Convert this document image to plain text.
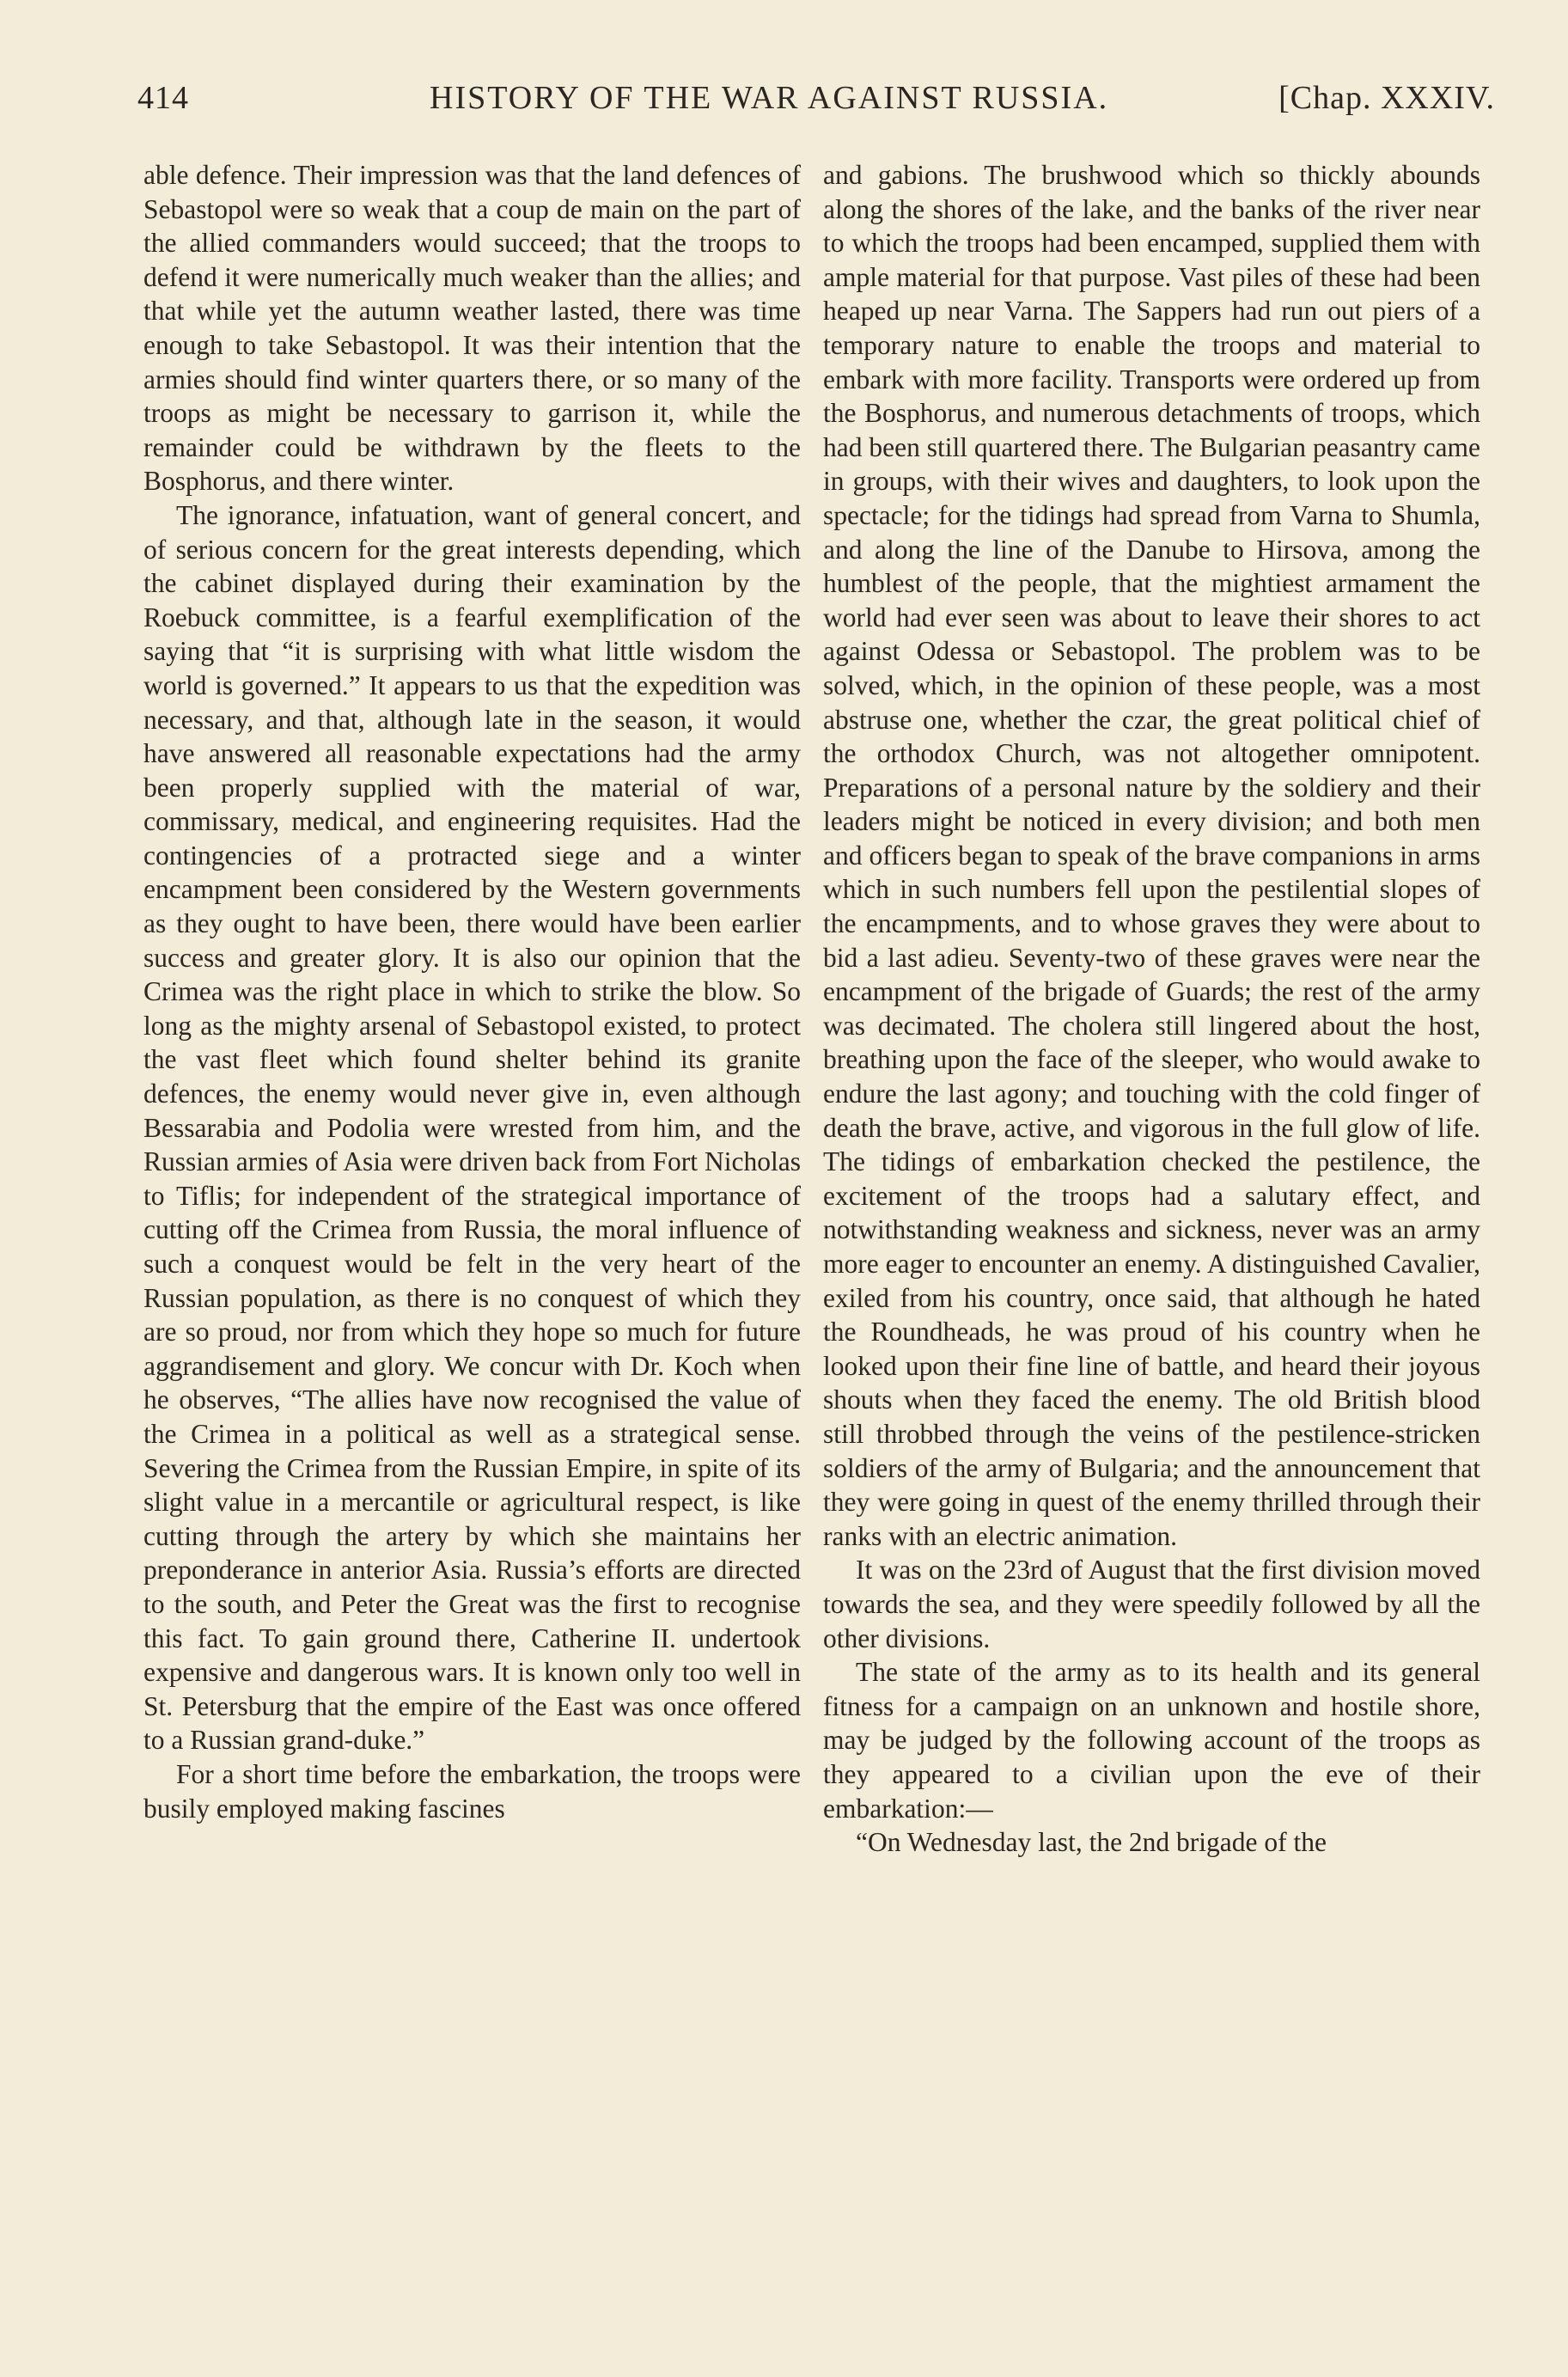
414	HISTORY OF THE WAR AGAINST RUSSIA.	[Chap. XXXIV.

able defence. Their impression was that the land defences of Sebastopol were so weak that a coup de main on the part of the allied commanders would succeed; that the troops to defend it were numerically much weaker than the allies; and that while yet the autumn weather lasted, there was time enough to take Sebastopol. It was their intention that the armies should find winter quarters there, or so many of the troops as might be necessary to garrison it, while the remainder could be withdrawn by the fleets to the Bosphorus, and there winter.

The ignorance, infatuation, want of general concert, and of serious concern for the great interests depending, which the cabinet displayed during their examination by the Roebuck committee, is a fearful exemplification of the saying that “it is surprising with what little wisdom the world is governed.” It appears to us that the expedition was necessary, and that, although late in the season, it would have answered all reasonable expectations had the army been properly supplied with the material of war, commissary, medical, and engineering requisites. Had the contingencies of a protracted siege and a winter encampment been considered by the Western governments as they ought to have been, there would have been earlier success and greater glory. It is also our opinion that the Crimea was the right place in which to strike the blow. So long as the mighty arsenal of Sebastopol existed, to protect the vast fleet which found shelter behind its granite defences, the enemy would never give in, even although Bessarabia and Podolia were wrested from him, and the Russian armies of Asia were driven back from Fort Nicholas to Tiflis; for independent of the strategical importance of cutting off the Crimea from Russia, the moral influence of such a conquest would be felt in the very heart of the Russian population, as there is no conquest of which they are so proud, nor from which they hope so much for future aggrandisement and glory. We concur with Dr. Koch when he observes, “The allies have now recognised the value of the Crimea in a political as well as a strategical sense. Severing the Crimea from the Russian Empire, in spite of its slight value in a mercantile or agricultural respect, is like cutting through the artery by which she maintains her preponderance in anterior Asia. Russia’s efforts are directed to the south, and Peter the Great was the first to recognise this fact. To gain ground there, Catherine II. undertook expensive and dangerous wars. It is known only too well in St. Petersburg that the empire of the East was once offered to a Russian grand-duke.”

For a short time before the embarkation, the troops were busily employed making fascines

and gabions. The brushwood which so thickly abounds along the shores of the lake, and the banks of the river near to which the troops had been encamped, supplied them with ample material for that purpose. Vast piles of these had been heaped up near Varna. The Sappers had run out piers of a temporary nature to enable the troops and material to embark with more facility. Transports were ordered up from the Bosphorus, and numerous detachments of troops, which had been still quartered there. The Bulgarian peasantry came in groups, with their wives and daughters, to look upon the spectacle; for the tidings had spread from Varna to Shumla, and along the line of the Danube to Hirsova, among the humblest of the people, that the mightiest armament the world had ever seen was about to leave their shores to act against Odessa or Sebastopol. The problem was to be solved, which, in the opinion of these people, was a most abstruse one, whether the czar, the great political chief of the orthodox Church, was not altogether omnipotent. Preparations of a personal nature by the soldiery and their leaders might be noticed in every division; and both men and officers began to speak of the brave companions in arms which in such numbers fell upon the pestilential slopes of the encampments, and to whose graves they were about to bid a last adieu. Seventy-two of these graves were near the encampment of the brigade of Guards; the rest of the army was decimated. The cholera still lingered about the host, breathing upon the face of the sleeper, who would awake to endure the last agony; and touching with the cold finger of death the brave, active, and vigorous in the full glow of life. The tidings of embarkation checked the pestilence, the excitement of the troops had a salutary effect, and notwithstanding weakness and sickness, never was an army more eager to encounter an enemy. A distinguished Cavalier, exiled from his country, once said, that although he hated the Roundheads, he was proud of his country when he looked upon their fine line of battle, and heard their joyous shouts when they faced the enemy. The old British blood still throbbed through the veins of the pestilence-stricken soldiers of the army of Bulgaria; and the announcement that they were going in quest of the enemy thrilled through their ranks with an electric animation.

It was on the 23rd of August that the first division moved towards the sea, and they were speedily followed by all the other divisions.

The state of the army as to its health and its general fitness for a campaign on an unknown and hostile shore, may be judged by the following account of the troops as they appeared to a civilian upon the eve of their embarkation:—

“On Wednesday last, the 2nd brigade of the
